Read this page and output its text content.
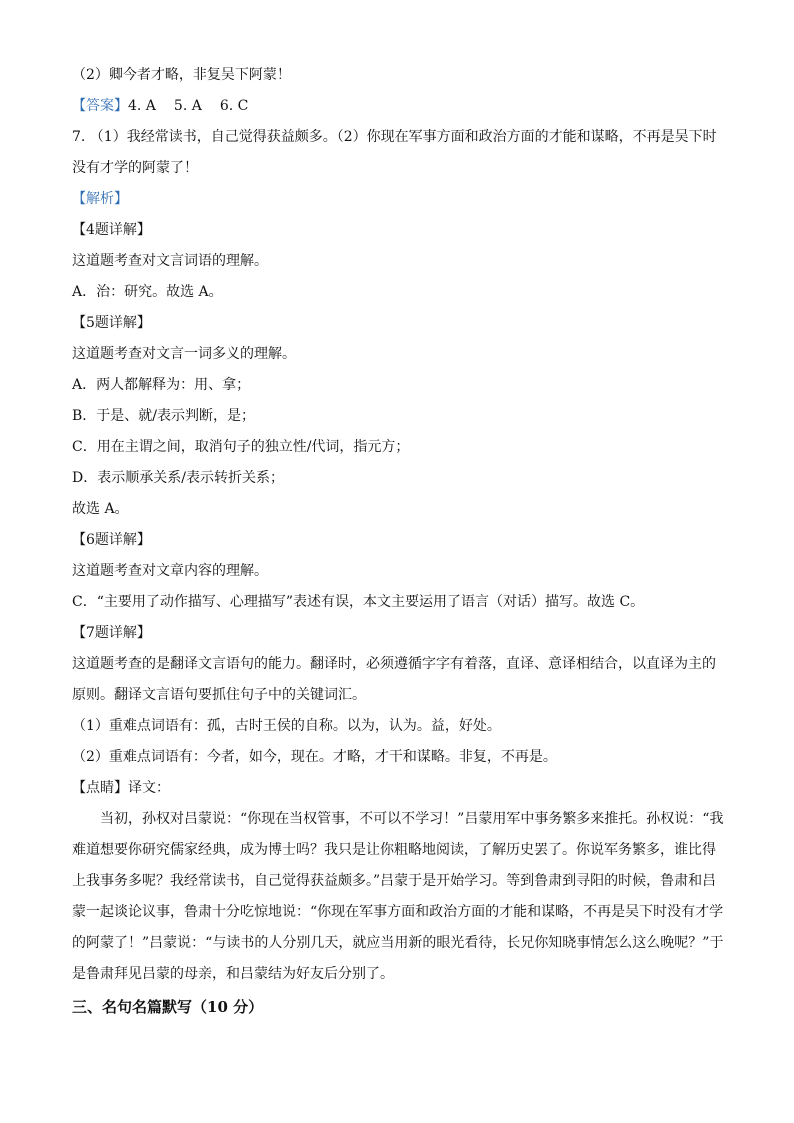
（2）卿今者才略，非复吴下阿蒙！
【答案】4. A 5. A 6. C
7. （1）我经常读书，自己觉得获益颇多。（2）你现在军事方面和政治方面的才能和谋略，不再是吴下时没有才学的阿蒙了！
【解析】
【4题详解】
这道题考查对文言词语的理解。
A．治：研究。故选 A。
【5题详解】
这道题考查对文言一词多义的理解。
A．两人都解释为：用、拿；
B．于是、就/表示判断，是；
C．用在主谓之间，取消句子的独立性/代词，指元方；
D．表示顺承关系/表示转折关系；
故选 A。
【6题详解】
这道题考查对文章内容的理解。
C．“主要用了动作描写、心理描写”表述有误，本文主要运用了语言（对话）描写。故选 C。
【7题详解】
这道题考查的是翻译文言语句的能力。翻译时，必须遵循字字有着落，直译、意译相结合，以直译为主的原则。翻译文言语句要抓住句子中的关键词汇。
（1）重难点词语有：孤，古时王侯的自称。以为，认为。益，好处。
（2）重难点词语有：今者，如今，现在。才略，才干和谋略。非复，不再是。
【点睛】译文：
当初，孙权对吕蒙说：“你现在当权管事，不可以不学习！”吕蒙用军中事务繁多来推托。孙权说：“我难道想要你研究儒家经典，成为博士吗？我只是让你粗略地阅读，了解历史罢了。你说军务繁多，谁比得上我事务多呢？我经常读书，自己觉得获益颇多。”吕蒙于是开始学习。等到鲁肃到寻阳的时候，鲁肃和吕蒙一起谈论议事，鲁肃十分吃惊地说：“你现在军事方面和政治方面的才能和谋略，不再是吴下时没有才学的阿蒙了！”吕蒙说：“与读书的人分别几天，就应当用新的眼光看待，长兄你知晓事情怎么这么晚呢？”于是鲁肃拜见吕蒙的母亲，和吕蒙结为好友后分别了。
三、名句名篇默写（10 分）
